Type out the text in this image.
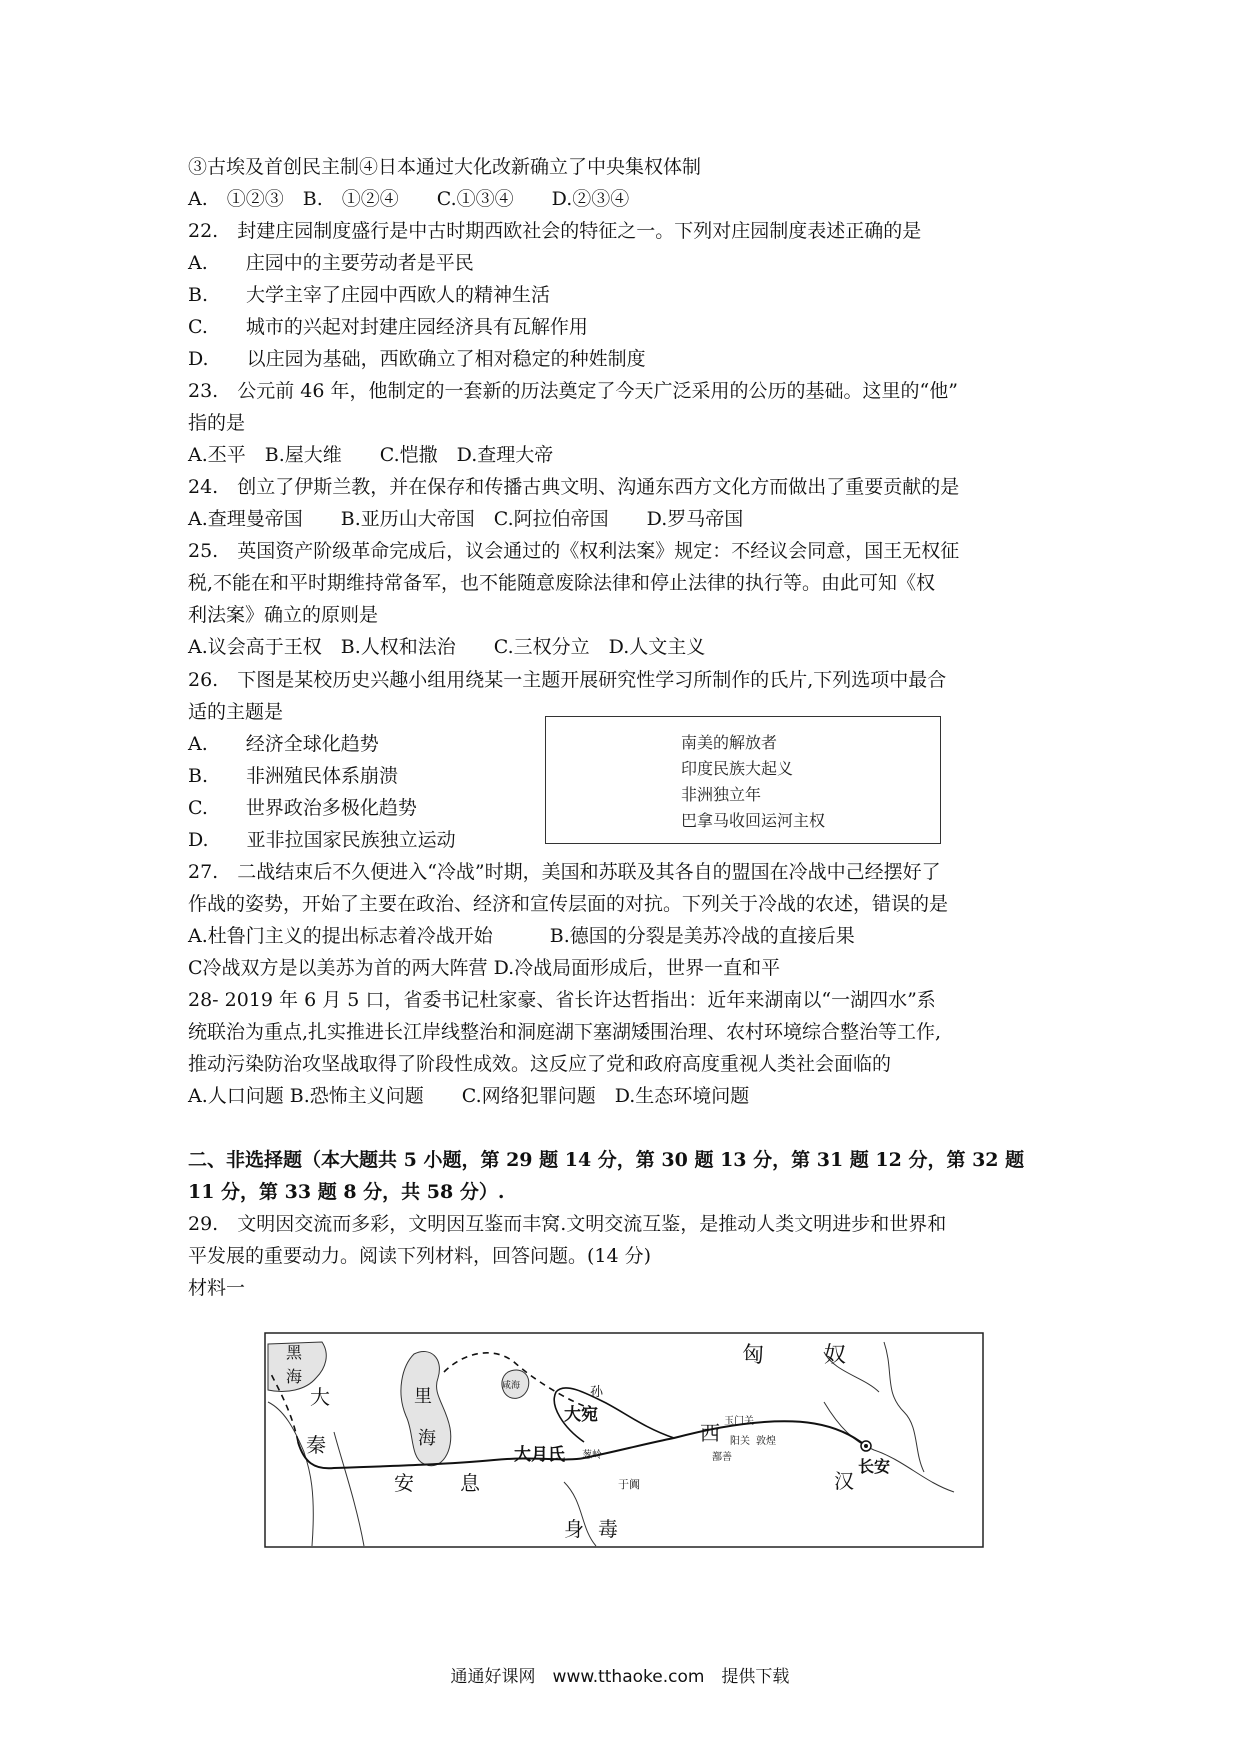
③古埃及首创民主制④日本通过大化改新确立了中央集权体制
A.　①②③　B.　①②④　　C.①③④　　D.②③④
22.　封建庄园制度盛行是中古时期西欧社会的特征之一。下列对庄园制度表述正确的是
A.　　庄园中的主要劳动者是平民
B.　　大学主宰了庄园中西欧人的精神生活
C.　　城市的兴起对封建庄园经济具有瓦解作用
D.　　以庄园为基础，西欧确立了相对稳定的种姓制度
23.　公元前 46 年，他制定的一套新的历法奠定了今天广泛采用的公历的基础。这里的“他”
指的是
A.丕平　B.屋大维　　C.恺撒　D.查理大帝
24.　创立了伊斯兰教，并在保存和传播古典文明、沟通东西方文化方而做出了重要贡献的是
A.查理曼帝国　　B.亚历山大帝国　C.阿拉伯帝国　　D.罗马帝国
25.　英国资产阶级革命完成后，议会通过的《权利法案》规定：不经议会同意，国王无权征
税,不能在和平时期维持常备军，也不能随意废除法律和停止法律的执行等。由此可知《权
利法案》确立的原则是
A.议会高于王权　B.人权和法治　　C.三权分立　D.人文主义
26.　下图是某校历史兴趣小组用绕某一主题开展研究性学习所制作的氏片,下列选项中最合
适的主题是
A.　　经济全球化趋势
B.　　非洲殖民体系崩溃
C.　　世界政治多极化趋势
D.　　亚非拉国家民族独立运动
南美的解放者
印度民族大起义
非洲独立年
巴拿马收回运河主权
27.　二战结束后不久便进入“冷战”时期，美国和苏联及其各自的盟国在冷战中己经摆好了
作战的姿势，开始了主要在政治、经济和宣传层面的对抗。下列关于冷战的农述，错误的是
A.杜鲁门主义的提出标志着冷战开始　　　B.德国的分裂是美苏冷战的直接后果
C冷战双方是以美苏为首的两大阵营 D.冷战局面形成后，世界一直和平
28- 2019 年 6 月 5 口，省委书记杜家豪、省长许达哲指出：近年来湖南以“一湖四水”系
统联治为重点,扎实推进长江岸线整治和洞庭湖下塞湖矮围治理、农村环境综合整治等工作,
推动污染防治攻坚战取得了阶段性成效。这反应了党和政府高度重视人类社会面临的
A.人口问题 B.恐怖主义问题　　C.网络犯罪问题　D.生态环境问题
二、非选择题（本大题共 5 小题，第 29 题 14 分，第 30 题 13 分，第 31 题 12 分，第 32 题
11 分，第 33 题 8 分，共 58 分）.
29.　文明因交流而多彩，文明因互鉴而丰窝.文明交流互鉴，是推动人类文明进步和世界和
平发展的重要动力。阅读下列材料，回答问题。(14 分)
材料一
黑
海
里
海
匈	奴
大
秦
安 息
大宛
大月氏
西
汉
长安
身 毒
孙
玉门关
敦煌
阳关
鄯善
于阗
葱岭
咸海
通通好课网　www.tthaoke.com　提供下载
